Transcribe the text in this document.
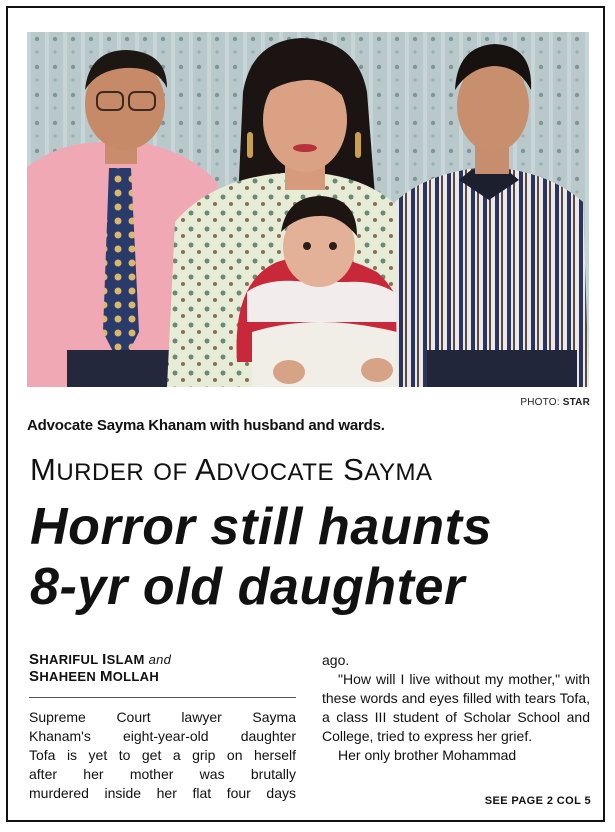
PHOTO: STAR
Advocate Sayma Khanam with husband and wards.
MURDER OF ADVOCATE SAYMA
Horror still haunts
8-yr old daughter
SHARIFUL ISLAM and
SHAHEEN MOLLAH
Supreme Court lawyer Sayma
Khanam's eight-year-old daughter
Tofa is yet to get a grip on herself
after her mother was brutally
murdered inside her flat four days

ago.

"How will I live without my mother," with these words and eyes filled with tears Tofa, a class III student of Scholar School and College, tried to express her grief.

Her only brother Mohammad

SEE PAGE 2 COL 5
